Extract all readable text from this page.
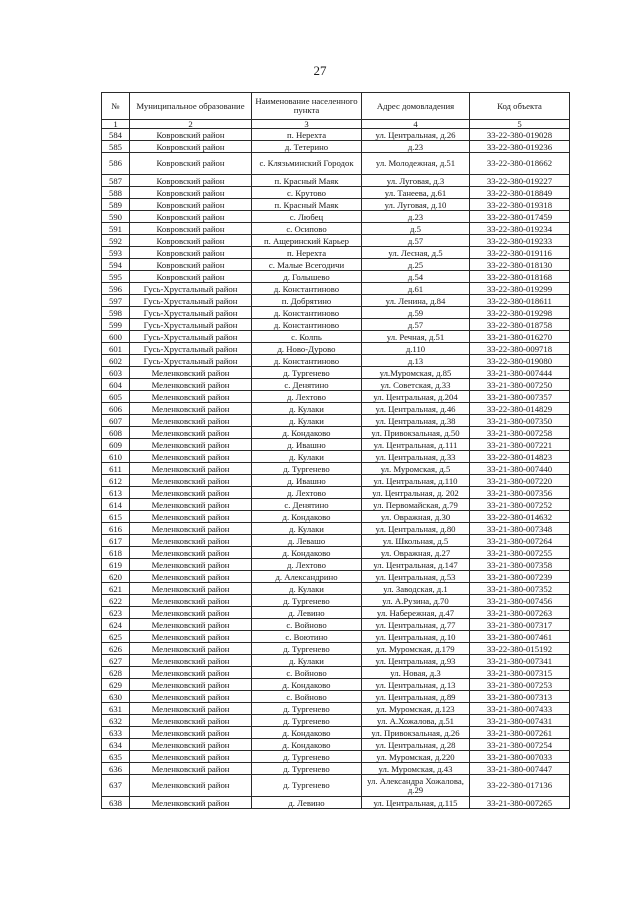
27
№	Муниципальное образование	Наименование населенного пункта	Адрес домовладения	Код объекта
1	2	3	4	5
584	Ковровский район	п. Нерехта	ул. Центральная, д.26	33-22-380-019028
585	Ковровский район	д. Тетерино	д.23	33-22-380-019236
586	Ковровский район	с. Клязьминский Городок	ул. Молодежная, д.51	33-22-380-018662
587	Ковровский район	п. Красный Маяк	ул. Луговая, д.3	33-22-380-019227
588	Ковровский район	с. Крутово	ул. Танеева, д.61	33-22-380-018849
589	Ковровский район	п. Красный Маяк	ул. Луговая, д.10	33-22-380-019318
590	Ковровский район	с. Любец	д.23	33-22-380-017459
591	Ковровский район	с. Осипово	д.5	33-22-380-019234
592	Ковровский район	п. Ащеринский Карьер	д.57	33-22-380-019233
593	Ковровский район	п. Нерехта	ул. Лесная, д.5	33-22-380-019116
594	Ковровский район	с. Малые Всегодичи	д.25	33-22-380-018130
595	Ковровский район	д. Голышево	д.54	33-22-380-018168
596	Гусь-Хрустальный район	д. Константиново	д.61	33-22-380-019299
597	Гусь-Хрустальный район	п. Добрятино	ул. Ленина, д.84	33-22-380-018611
598	Гусь-Хрустальный район	д. Константиново	д.59	33-22-380-019298
599	Гусь-Хрустальный район	д. Константиново	д.57	33-22-380-018758
600	Гусь-Хрустальный район	с. Колпь	ул. Речная, д.51	33-21-380-016270
601	Гусь-Хрустальный район	д. Ново-Дурово	д.110	33-22-380-009718
602	Гусь-Хрустальный район	д. Константиново	д.13	33-22-380-019080
603	Меленковский район	д. Тургенево	ул.Муромская, д.85	33-21-380-007444
604	Меленковский район	с. Денятино	ул. Советская, д.33	33-21-380-007250
605	Меленковский район	д. Лехтово	ул. Центральная, д.204	33-21-380-007357
606	Меленковский район	д. Кулаки	ул. Центральная, д.46	33-22-380-014829
607	Меленковский район	д. Кулаки	ул. Центральная, д.38	33-21-380-007350
608	Меленковский район	д. Кондаково	ул. Привокзальная, д.50	33-21-380-007258
609	Меленковский район	д. Ивашно	ул. Центральная, д.111	33-21-380-007221
610	Меленковский район	д. Кулаки	ул. Центральная, д.33	33-22-380-014823
611	Меленковский район	д. Тургенево	ул. Муромская, д.5	33-21-380-007440
612	Меленковский район	д. Ивашно	ул. Центральная, д.110	33-21-380-007220
613	Меленковский район	д. Лехтово	ул. Центральная, д. 202	33-21-380-007356
614	Меленковский район	с. Денятино	ул. Первомайская, д.79	33-21-380-007252
615	Меленковский район	д. Кондаково	ул. Овражная, д.30	33-22-380-014632
616	Меленковский район	д. Кулаки	ул. Центральная, д.80	33-21-380-007348
617	Меленковский район	д. Левашо	ул. Школьная, д.5	33-21-380-007264
618	Меленковский район	д. Кондаково	ул. Овражная, д.27	33-21-380-007255
619	Меленковский район	д. Лехтово	ул. Центральная, д.147	33-21-380-007358
620	Меленковский район	д. Александрино	ул. Центральная, д.53	33-21-380-007239
621	Меленковский район	д. Кулаки	ул. Заводская, д.1	33-21-380-007352
622	Меленковский район	д. Тургенево	ул. А.Рузина, д.70	33-21-380-007456
623	Меленковский район	д. Левино	ул. Набережная, д.47	33-21-380-007263
624	Меленковский район	с. Войново	ул. Центральная, д.77	33-21-380-007317
625	Меленковский район	с. Воютино	ул. Центральная, д.10	33-21-380-007461
626	Меленковский район	д. Тургенево	ул. Муромская, д.179	33-22-380-015192
627	Меленковский район	д. Кулаки	ул. Центральная, д.93	33-21-380-007341
628	Меленковский район	с. Войново	ул. Новая, д.3	33-21-380-007315
629	Меленковский район	д. Кондаково	ул. Центральная, д.13	33-21-380-007253
630	Меленковский район	с. Войново	ул. Центральная, д.89	33-21-380-007313
631	Меленковский район	д. Тургенево	ул. Муромская, д.123	33-21-380-007433
632	Меленковский район	д. Тургенево	ул. А.Хожалова, д.51	33-21-380-007431
633	Меленковский район	д. Кондаково	ул. Привокзальная, д.26	33-21-380-007261
634	Меленковский район	д. Кондаково	ул. Центральная, д.28	33-21-380-007254
635	Меленковский район	д. Тургенево	ул. Муромская, д.220	33-21-380-007033
636	Меленковский район	д. Тургенево	ул. Муромская, д.43	33-21-380-007447
637	Меленковский район	д. Тургенево	ул. Александра Хожалова, д.29	33-22-380-017136
638	Меленковский район	д. Левино	ул. Центральная, д.115	33-21-380-007265
